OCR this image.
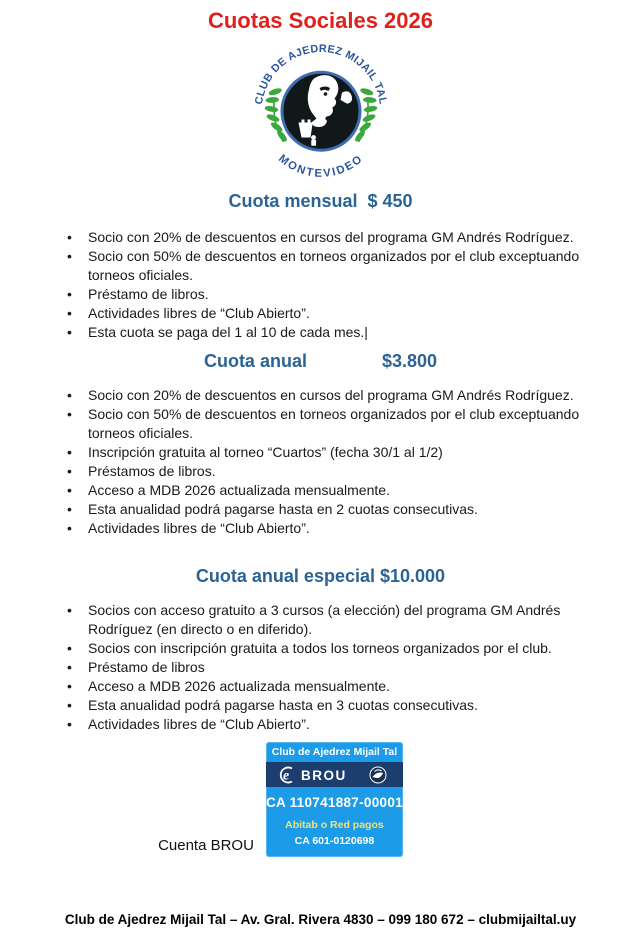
Cuotas Sociales 2026
CLUB DE AJEDREZ MIJAIL TAL
MONTEVIDEO
Cuota mensual  $ 450
• Socio con 20% de descuentos en cursos del programa GM Andrés Rodríguez.
• Socio con 50% de descuentos en torneos organizados por el club exceptuando torneos oficiales.
• Préstamo de libros.
• Actividades libres de “Club Abierto”.
• Esta cuota se paga del 1 al 10 de cada mes.|
Cuota anual               $3.800
• Socio con 20% de descuentos en cursos del programa GM Andrés Rodríguez.
• Socio con 50% de descuentos en torneos organizados por el club exceptuando torneos oficiales.
• Inscripción gratuita al torneo “Cuartos” (fecha 30/1 al 1/2)
• Préstamos de libros.
• Acceso a MDB 2026 actualizada mensualmente.
• Esta anualidad podrá pagarse hasta en 2 cuotas consecutivas.
• Actividades libres de “Club Abierto”.
Cuota anual especial $10.000
• Socios con acceso gratuito a 3 cursos (a elección) del programa GM Andrés Rodríguez (en directo o en diferido).
• Socios con inscripción gratuita a todos los torneos organizados por el club.
• Préstamo de libros
• Acceso a MDB 2026 actualizada mensualmente.
• Esta anualidad podrá pagarse hasta en 3 cuotas consecutivas.
• Actividades libres de “Club Abierto”.
Cuenta BROU
Club de Ajedrez Mijail Tal
e BROU
CA 110741887-00001
Abitab o Red pagos
CA 601-0120698
Club de Ajedrez Mijail Tal – Av. Gral. Rivera 4830 – 099 180 672 – clubmijailtal.uy
